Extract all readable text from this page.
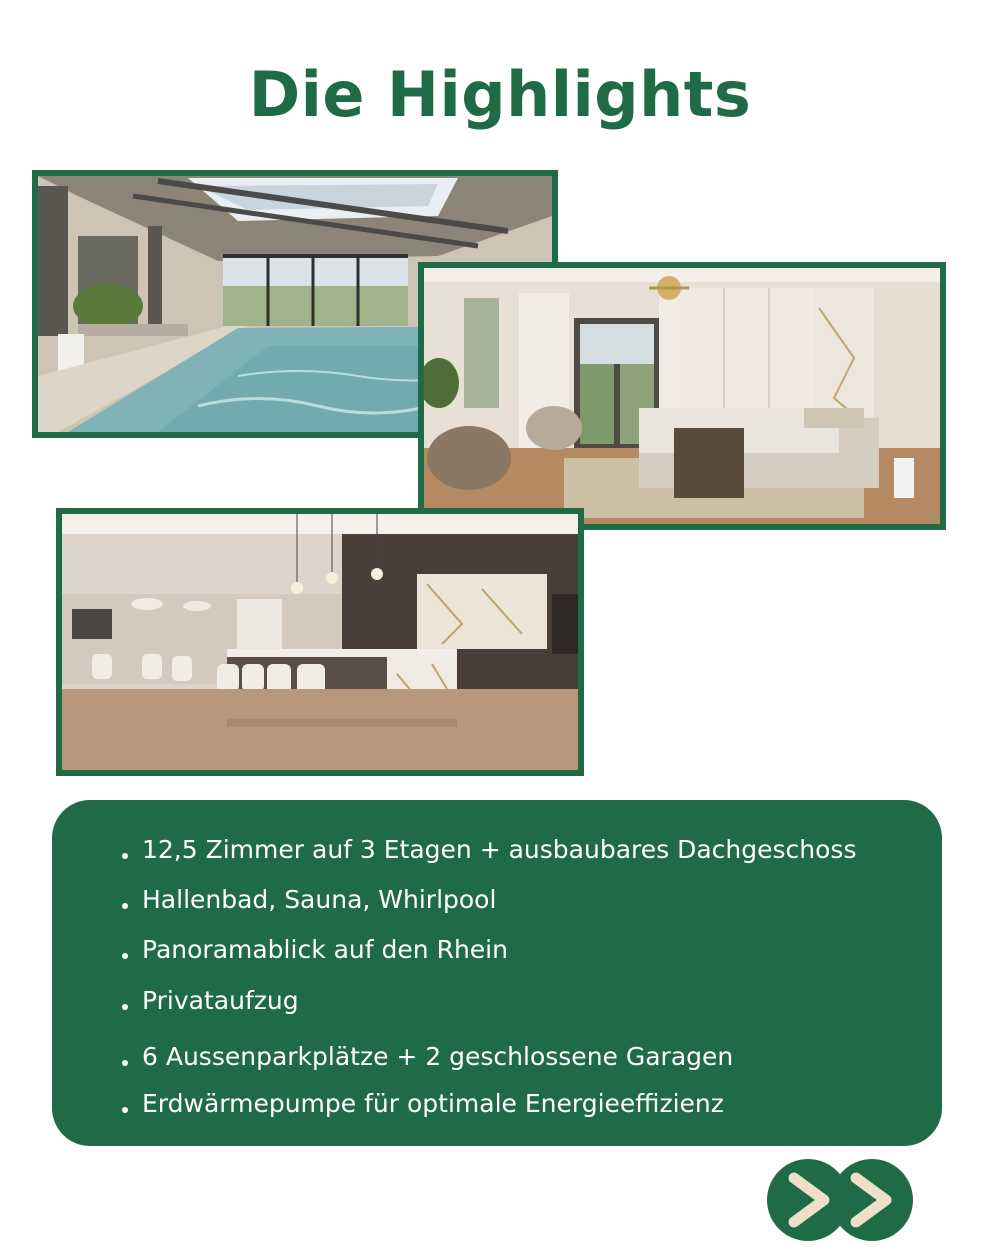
Die Highlights
12,5 Zimmer auf 3 Etagen + ausbaubares Dachgeschoss
Hallenbad, Sauna, Whirlpool
Panoramablick auf den Rhein
Privataufzug
6 Aussenparkplätze + 2 geschlossene Garagen
Erdwärmepumpe für optimale Energieeffizienz
